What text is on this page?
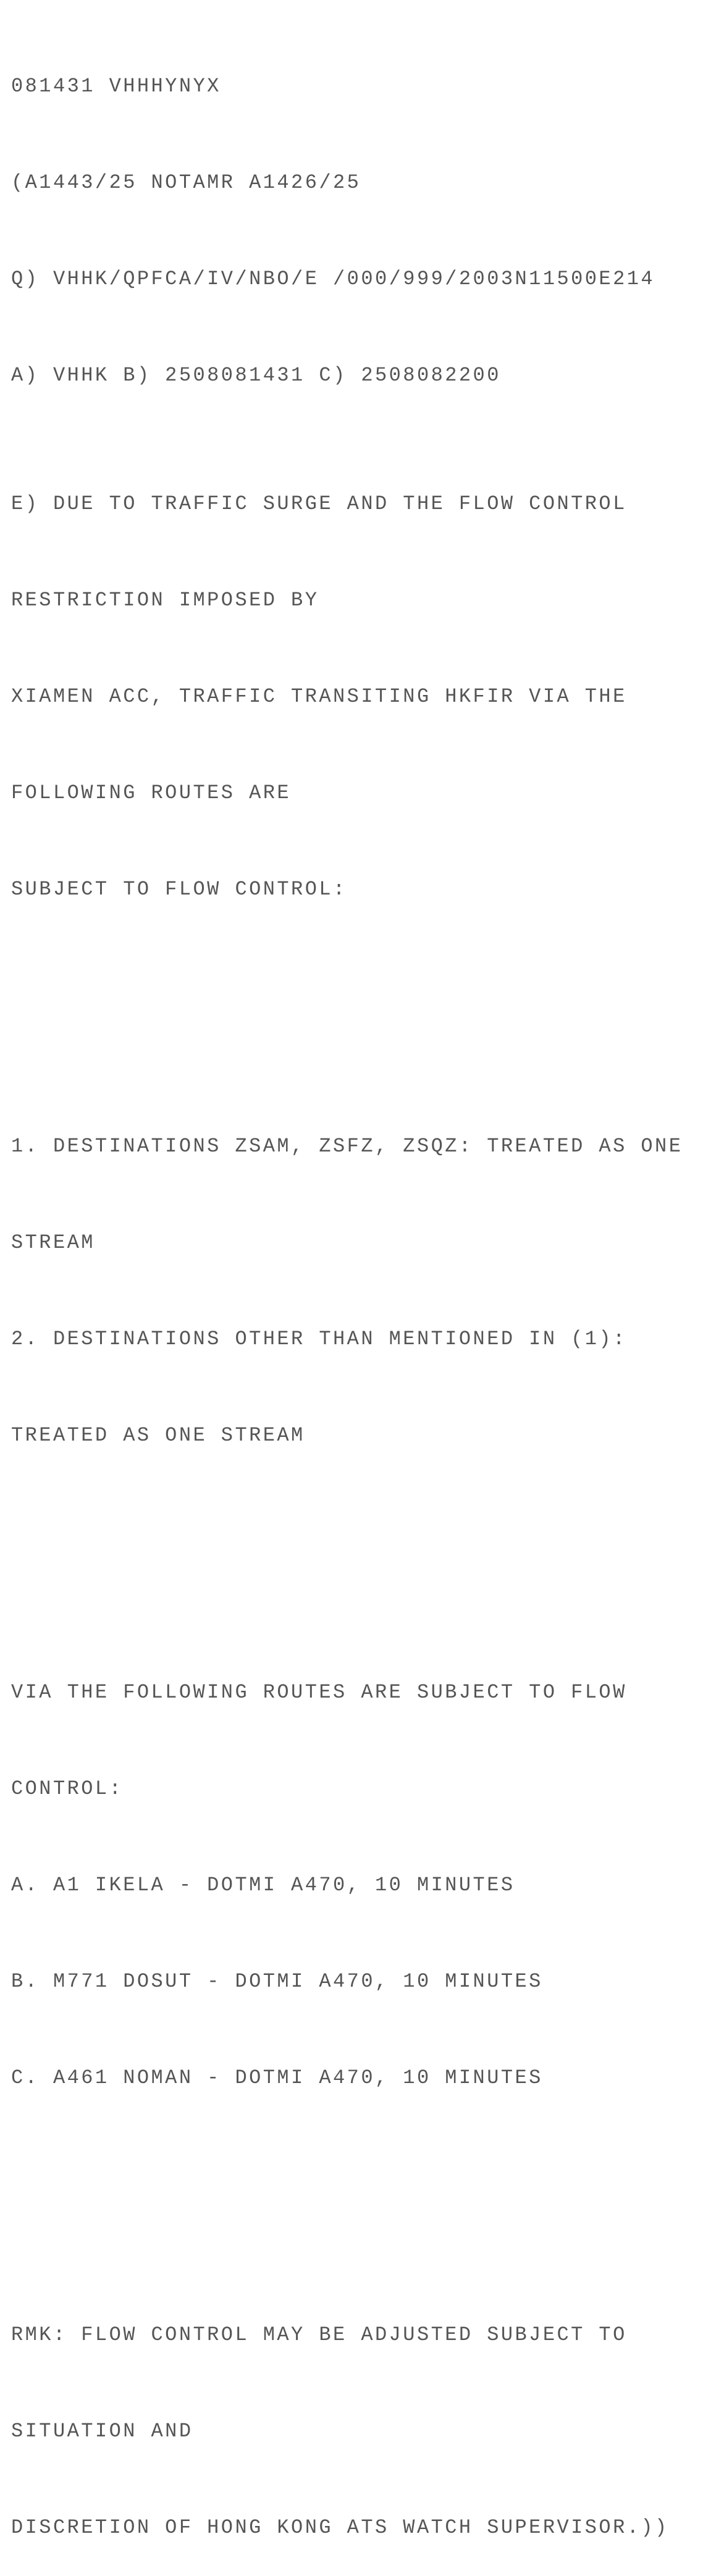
081431 VHHHYNYX

(A1443/25 NOTAMR A1426/25

Q) VHHK/QPFCA/IV/NBO/E /000/999/2003N11500E214

A) VHHK B) 2508081431 C) 2508082200

E) DUE TO TRAFFIC SURGE AND THE FLOW CONTROL

RESTRICTION IMPOSED BY

XIAMEN ACC, TRAFFIC TRANSITING HKFIR VIA THE

FOLLOWING ROUTES ARE

SUBJECT TO FLOW CONTROL:

1. DESTINATIONS ZSAM, ZSFZ, ZSQZ: TREATED AS ONE

STREAM

2. DESTINATIONS OTHER THAN MENTIONED IN (1):

TREATED AS ONE STREAM

VIA THE FOLLOWING ROUTES ARE SUBJECT TO FLOW

CONTROL:

A. A1 IKELA - DOTMI A470, 10 MINUTES

B. M771 DOSUT - DOTMI A470, 10 MINUTES

C. A461 NOMAN - DOTMI A470, 10 MINUTES

RMK: FLOW CONTROL MAY BE ADJUSTED SUBJECT TO

SITUATION AND

DISCRETION OF HONG KONG ATS WATCH SUPERVISOR.))
